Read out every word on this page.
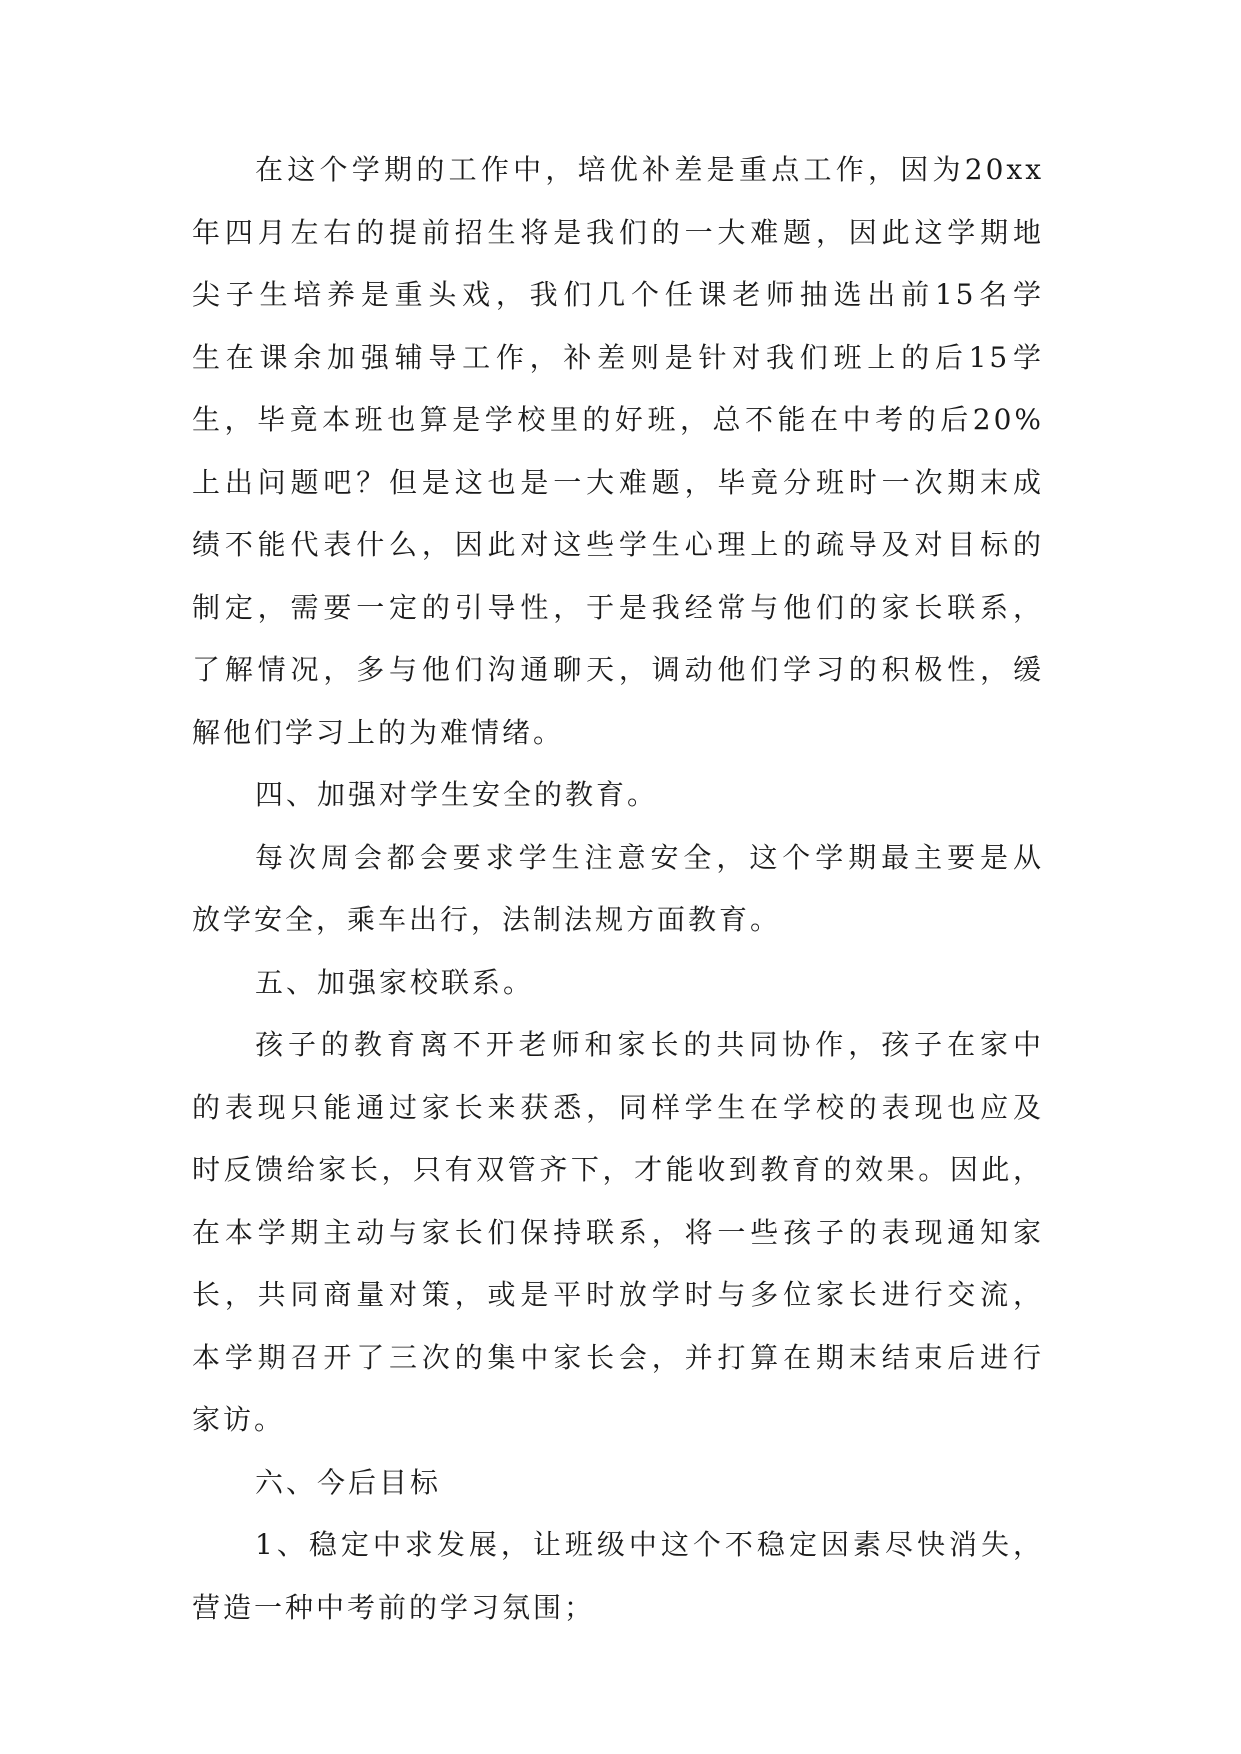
在这个学期的工作中，培优补差是重点工作，因为20xx
年四月左右的提前招生将是我们的一大难题，因此这学期地
尖子生培养是重头戏，我们几个任课老师抽选出前15名学
生在课余加强辅导工作，补差则是针对我们班上的后15学
生，毕竟本班也算是学校里的好班，总不能在中考的后20%
上出问题吧？但是这也是一大难题，毕竟分班时一次期末成
绩不能代表什么，因此对这些学生心理上的疏导及对目标的
制定，需要一定的引导性，于是我经常与他们的家长联系，
了解情况，多与他们沟通聊天，调动他们学习的积极性，缓
解他们学习上的为难情绪。
四、加强对学生安全的教育。
每次周会都会要求学生注意安全，这个学期最主要是从
放学安全，乘车出行，法制法规方面教育。
五、加强家校联系。
孩子的教育离不开老师和家长的共同协作，孩子在家中
的表现只能通过家长来获悉，同样学生在学校的表现也应及
时反馈给家长，只有双管齐下，才能收到教育的效果。因此，
在本学期主动与家长们保持联系，将一些孩子的表现通知家
长，共同商量对策，或是平时放学时与多位家长进行交流，
本学期召开了三次的集中家长会，并打算在期末结束后进行
家访。
六、今后目标
1、稳定中求发展，让班级中这个不稳定因素尽快消失，
营造一种中考前的学习氛围；
